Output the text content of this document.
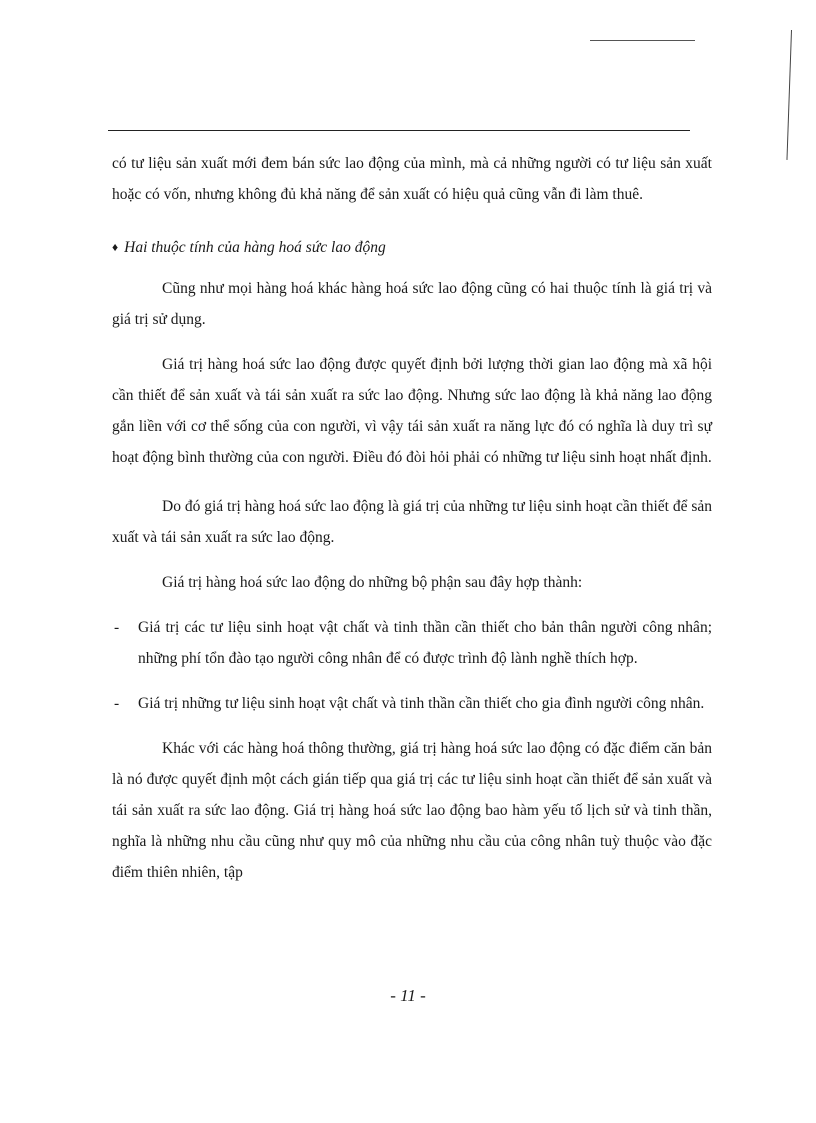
có tư liệu sản xuất mới đem bán sức lao động của mình, mà cả những người có tư liệu sản xuất hoặc có vốn, nhưng không đủ khả năng để sản xuất có hiệu quả cũng vẫn đi làm thuê.

♦ Hai thuộc tính của hàng hoá sức lao động

Cũng như mọi hàng hoá khác hàng hoá sức lao động cũng có hai thuộc tính là giá trị và giá trị sử dụng.

Giá trị hàng hoá sức lao động được quyết định bởi lượng thời gian lao động mà xã hội cần thiết để sản xuất và tái sản xuất ra sức lao động. Nhưng sức lao động là khả năng lao động gắn liền với cơ thể sống của con người, vì vậy tái sản xuất ra năng lực đó có nghĩa là duy trì sự hoạt động bình thường của con người. Điều đó đòi hỏi phải có những tư liệu sinh hoạt nhất định.

Do đó giá trị hàng hoá sức lao động là giá trị của những tư liệu sinh hoạt cần thiết để sản xuất và tái sản xuất ra sức lao động.

Giá trị hàng hoá sức lao động do những bộ phận sau đây hợp thành:

- Giá trị các tư liệu sinh hoạt vật chất và tinh thần cần thiết cho bản thân người công nhân; những phí tổn đào tạo người công nhân để có được trình độ lành nghề thích hợp.
- Giá trị những tư liệu sinh hoạt vật chất và tinh thần cần thiết cho gia đình người công nhân.

Khác với các hàng hoá thông thường, giá trị hàng hoá sức lao động có đặc điểm căn bản là nó được quyết định một cách gián tiếp qua giá trị các tư liệu sinh hoạt cần thiết để sản xuất và tái sản xuất ra sức lao động. Giá trị hàng hoá sức lao động bao hàm yếu tố lịch sử và tinh thần, nghĩa là những nhu cầu cũng như quy mô của những nhu cầu của công nhân tuỳ thuộc vào đặc điểm thiên nhiên, tập

- 11 -
